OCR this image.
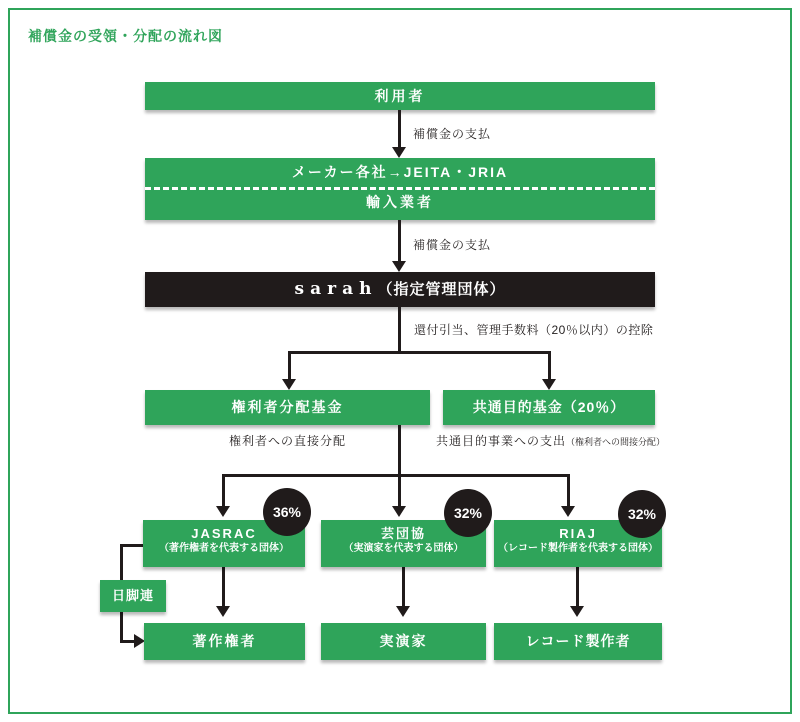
補償金の受領・分配の流れ図
利用者
補償金の支払
メーカー各社→JEITA・JRIA
輸入業者
補償金の支払
sarah（指定管理団体）
還付引当、管理手数料（20％以内）の控除
権利者分配基金	共通目的基金（20％）
権利者への直接分配	共通目的事業への支出（権利者への間接分配）
JASRAC
（著作権者を代表する団体）
芸団協
（実演家を代表する団体）
RIAJ
（レコード製作者を代表する団体）
36%	32%	32%
日脚連
著作権者	実演家	レコード製作者
